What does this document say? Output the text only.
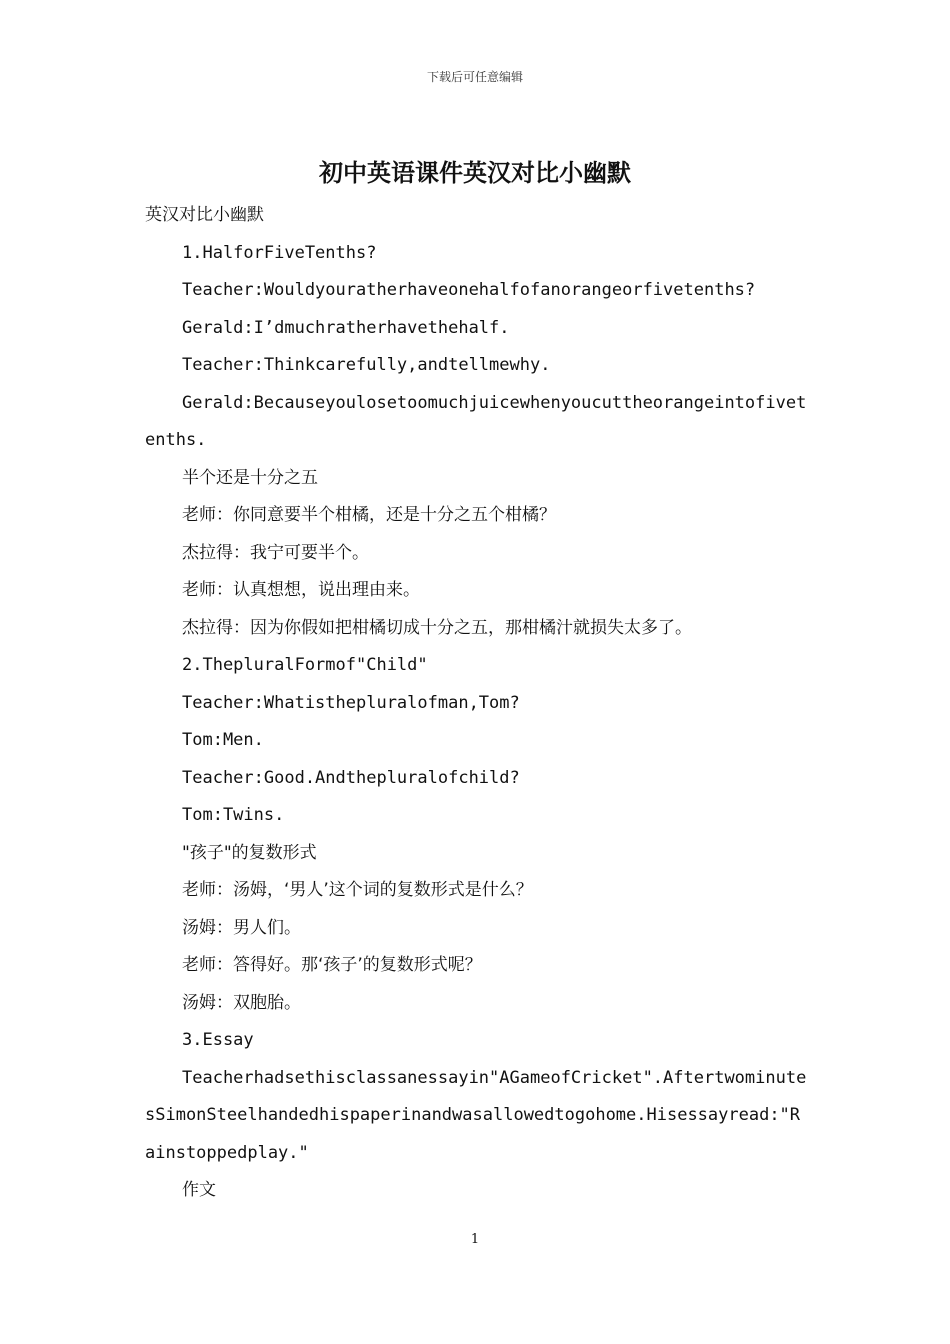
下载后可任意编辑
初中英语课件英汉对比小幽默

英汉对比小幽默

1.HalforFiveTenths?

Teacher:Wouldyouratherhaveonehalfofanorangeorfivetenths?

Gerald:I’dmuchratherhavethehalf.

Teacher:Thinkcarefully,andtellmewhy.

Gerald:Becauseyoulosetoomuchjuicewhenyoucuttheorangeintofivetenths.

半个还是十分之五

老师：你同意要半个柑橘，还是十分之五个柑橘？

杰拉得：我宁可要半个。

老师：认真想想，说出理由来。

杰拉得：因为你假如把柑橘切成十分之五，那柑橘汁就损失太多了。

2.ThepluralFormof"Child"

Teacher:Whatisthepluralofman,Tom?

Tom:Men.

Teacher:Good.Andthepluralofchild?

Tom:Twins.

"孩子"的复数形式

老师：汤姆，‘男人’这个词的复数形式是什么？

汤姆：男人们。

老师：答得好。那‘孩子’的复数形式呢？

汤姆：双胞胎。

3.Essay

Teacherhadsethisclassanessayin"AGameofCricket".AftertwominutesSimonSteelhandedhispaperinandwasallowedtogohome.Hisessayread:"Rainstoppedplay."

作文

1
